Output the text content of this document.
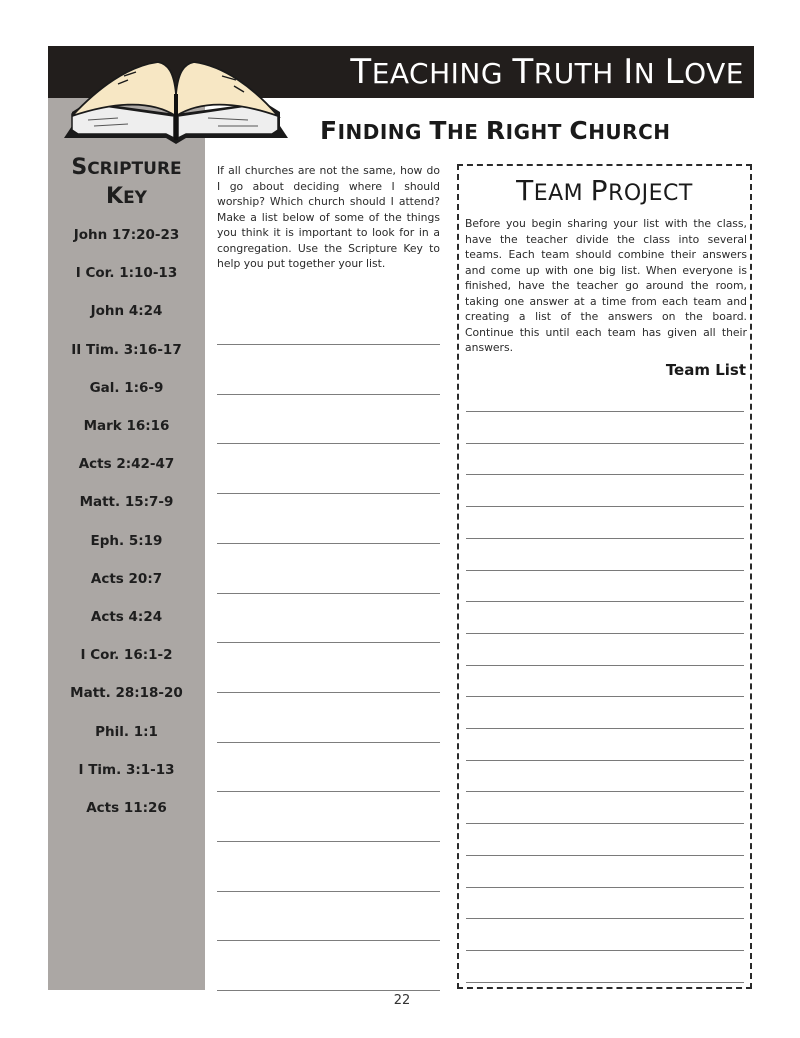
TEACHING TRUTH IN LOVE
FINDING THE RIGHT CHURCH
SCRIPTURE
KEY
John 17:20-23
I Cor. 1:10-13
John 4:24
II Tim. 3:16-17
Gal. 1:6-9
Mark 16:16
Acts 2:42-47
Matt. 15:7-9
Eph. 5:19
Acts 20:7
Acts 4:24
I Cor. 16:1-2
Matt. 28:18-20
Phil. 1:1
I Tim. 3:1-13
Acts 11:26
If all churches are not the same, how do I go about deciding where I should worship? Which church should I attend? Make a list below of some of the things you think it is important to look for in a congregation. Use the Scripture Key to help you put together your list.
TEAM PROJECT
Before you begin sharing your list with the class, have the teacher divide the class into several teams. Each team should combine their answers and come up with one big list. When everyone is finished, have the teacher go around the room, taking one answer at a time from each team and creating a list of the answers on the board. Continue this until each team has given all their answers.
Team List
22
